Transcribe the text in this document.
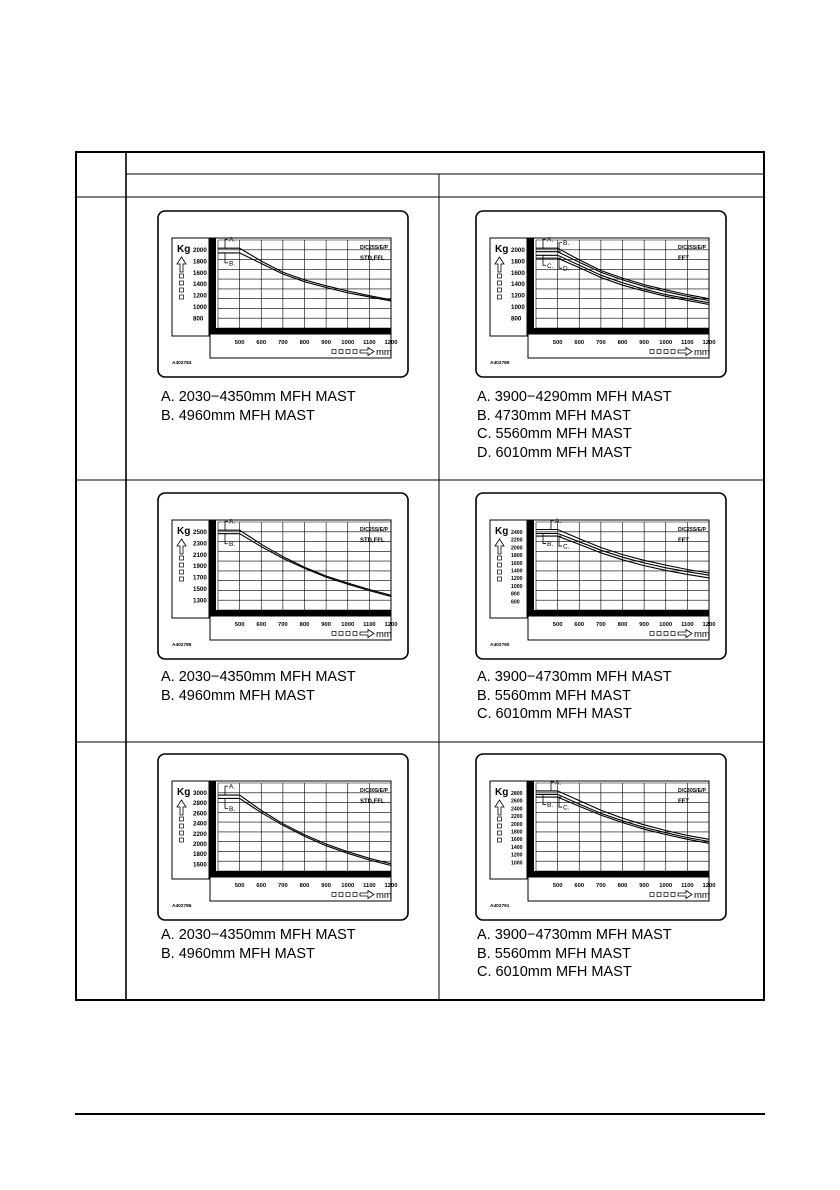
2000
1800
1600
1400
1200
1000
800
Kg
500 600 700 800 900 1000 1100 1200
mm
A402784
D/C25S/E/P
STD,FFL
A.
B.
2000
1800
1600
1400
1200
1000
800
Kg
500 600 700 800 900 1000 1100 1200
mm
A402789
D/C25S/E/P
FFT
A.
B.
C. D.
2500
2300
2100
1900
1700
1500
1300
Kg
500 600 700 800 900 1000 1100 1200
mm
A402785
D/C25S/E/P
STD,FFL
A.
B.
2400
2200
2000
1800
1600
1400
1200
1000
800
600
Kg
500 600 700 800 900 1000 1100 1200
mm
A402790
D/C25S/E/P
FFT
A.
B. C.
3000
2800
2600
2400
2200
2000
1800
1600
Kg
500 600 700 800 900 1000 1100 1200
mm
A402786
D/C30S/E/P
STD,FFL
A.
B.
2800
2600
2400
2200
2000
1800
1600
1400
1200
1000
Kg
500 600 700 800 900 1000 1100 1200
mm
A402791
D/C30S/E/P
FFT
A.
B. C.
A. 2030−4350mm MFH MAST
B. 4960mm MFH MAST
A. 3900−4290mm MFH MAST
B. 4730mm MFH MAST
C. 5560mm MFH MAST
D. 6010mm MFH MAST
A. 2030−4350mm MFH MAST
B. 4960mm MFH MAST
A. 3900−4730mm MFH MAST
B. 5560mm MFH MAST
C. 6010mm MFH MAST
A. 2030−4350mm MFH MAST
B. 4960mm MFH MAST
A. 3900−4730mm MFH MAST
B. 5560mm MFH MAST
C. 6010mm MFH MAST
